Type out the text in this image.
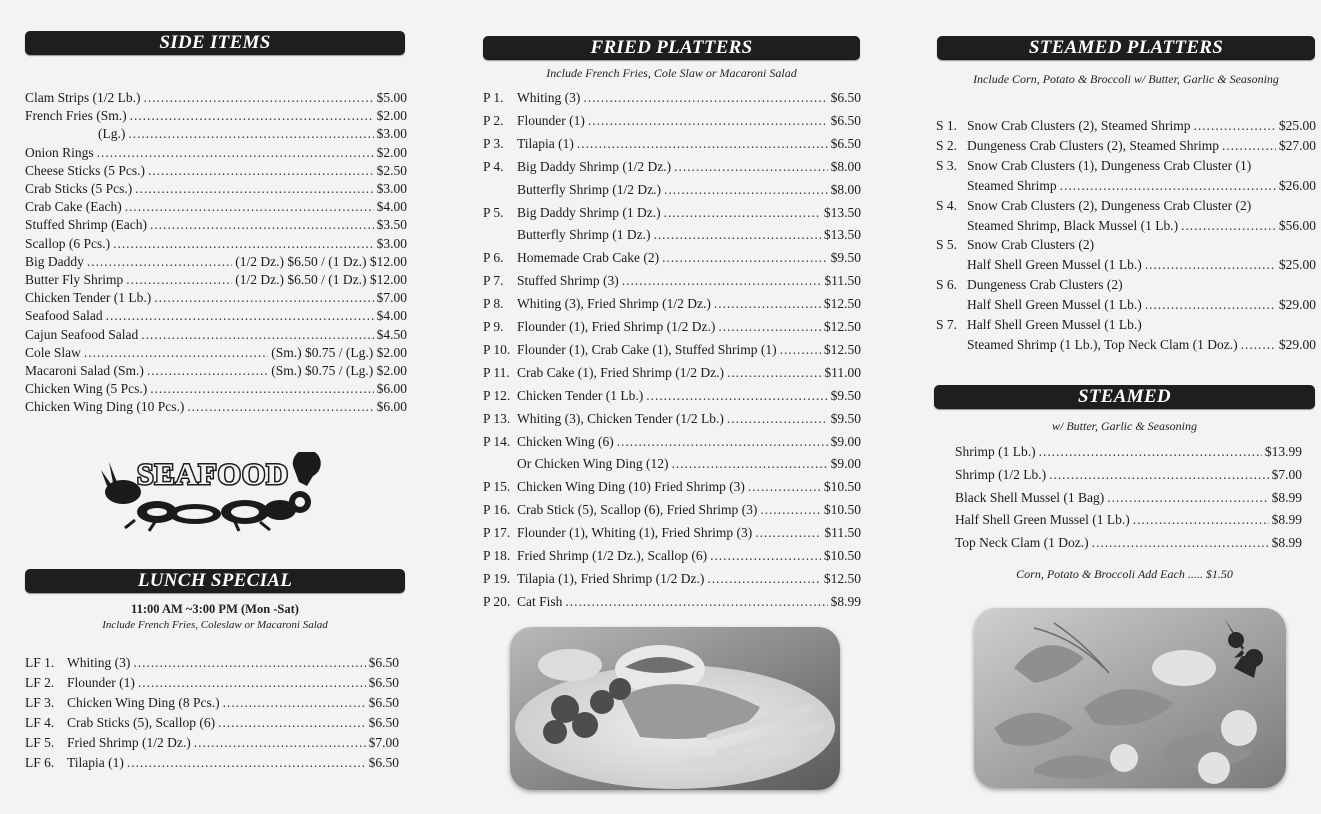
SIDE ITEMS
Clam Strips (1/2 Lb.) . . .	$5.00
French Fries (Sm.) . . .	$2.00
(Lg.) . . .	$3.00
Onion Rings . . .	$2.00
Cheese Sticks (5 Pcs.) . . .	$2.50
Crab Sticks (5 Pcs.) . . .	$3.00
Crab Cake (Each) . . .	$4.00
Stuffed Shrimp (Each) . . .	$3.50
Scallop (6 Pcs.) . . .	$3.00
Big Daddy . . .	(1/2 Dz.) $6.50 / (1 Dz.) $12.00
Butter Fly Shrimp . . .	(1/2 Dz.) $6.50 / (1 Dz.) $12.00
Chicken Tender (1 Lb.) . . .	$7.00
Seafood Salad . . .	$4.00
Cajun Seafood Salad . . .	$4.50
Cole Slaw . . .	(Sm.) $0.75 / (Lg.) $2.00
Macaroni Salad (Sm.) . . .	(Sm.) $0.75 / (Lg.) $2.00
Chicken Wing (5 Pcs.) . . .	$6.00
Chicken Wing Ding (10 Pcs.) . . .	$6.00
SEAFOOD
LUNCH SPECIAL
11:00 AM ~3:00 PM (Mon -Sat)
Include French Fries, Coleslaw or Macaroni Salad
LF 1. Whiting (3) . . .	$6.50
LF 2. Flounder (1) . . .	$6.50
LF 3. Chicken Wing Ding (8 Pcs.) . . .	$6.50
LF 4. Crab Sticks (5), Scallop (6) . . .	$6.50
LF 5. Fried Shrimp (1/2 Dz.) . . .	$7.00
LF 6. Tilapia (1) . . .	$6.50
FRIED PLATTERS
Include French Fries, Cole Slaw or Macaroni Salad
P 1. Whiting (3) . . .	$6.50
P 2. Flounder (1) . . .	$6.50
P 3. Tilapia (1) . . .	$6.50
P 4. Big Daddy Shrimp (1/2 Dz.) . . .	$8.00
Butterfly Shrimp (1/2 Dz.) . . .	$8.00
P 5. Big Daddy Shrimp (1 Dz.) . . .	$13.50
Butterfly Shrimp (1 Dz.) . . .	$13.50
P 6. Homemade Crab Cake (2) . . .	$9.50
P 7. Stuffed Shrimp (3) . . .	$11.50
P 8. Whiting (3), Fried Shrimp (1/2 Dz.) . . .	$12.50
P 9. Flounder (1), Fried Shrimp (1/2 Dz.) . . .	$12.50
P 10. Flounder (1), Crab Cake (1), Stuffed Shrimp (1) . . .	$12.50
P 11. Crab Cake (1), Fried Shrimp (1/2 Dz.) . . .	$11.00
P 12. Chicken Tender (1 Lb.) . . .	$9.50
P 13. Whiting (3), Chicken Tender (1/2 Lb.) . . .	$9.50
P 14. Chicken Wing (6) . . .	$9.00
Or Chicken Wing Ding (12) . . .	$9.00
P 15. Chicken Wing Ding (10) Fried Shrimp (3) . . .	$10.50
P 16. Crab Stick (5), Scallop (6), Fried Shrimp (3) . . .	$10.50
P 17. Flounder (1), Whiting (1), Fried Shrimp (3) . . .	$11.50
P 18. Fried Shrimp (1/2 Dz.), Scallop (6) . . .	$10.50
P 19. Tilapia (1), Fried Shrimp (1/2 Dz.) . . .	$12.50
P 20. Cat Fish . . .	$8.99
STEAMED PLATTERS
Include Corn, Potato & Broccoli w/ Butter, Garlic & Seasoning
S 1. Snow Crab Clusters (2), Steamed Shrimp . . .	$25.00
S 2. Dungeness Crab Clusters (2), Steamed Shrimp . . .	$27.00
S 3. Snow Crab Clusters (1), Dungeness Crab Cluster (1)
Steamed Shrimp . . .	$26.00
S 4. Snow Crab Clusters (2), Dungeness Crab Cluster (2)
Steamed Shrimp, Black Mussel (1 Lb.) . . .	$56.00
S 5. Snow Crab Clusters (2)
Half Shell Green Mussel (1 Lb.) . . .	$25.00
S 6. Dungeness Crab Clusters (2)
Half Shell Green Mussel (1 Lb.) . . .	$29.00
S 7. Half Shell Green Mussel (1 Lb.)
Steamed Shrimp (1 Lb.), Top Neck Clam (1 Doz.) . . .	$29.00
STEAMED
w/ Butter, Garlic & Seasoning
Shrimp (1 Lb.) . . .	$13.99
Shrimp (1/2 Lb.) . . .	$7.00
Black Shell Mussel (1 Bag) . . .	$8.99
Half Shell Green Mussel (1 Lb.) . . .	$8.99
Top Neck Clam (1 Doz.) . . .	$8.99
Corn, Potato & Broccoli Add Each ..... $1.50
